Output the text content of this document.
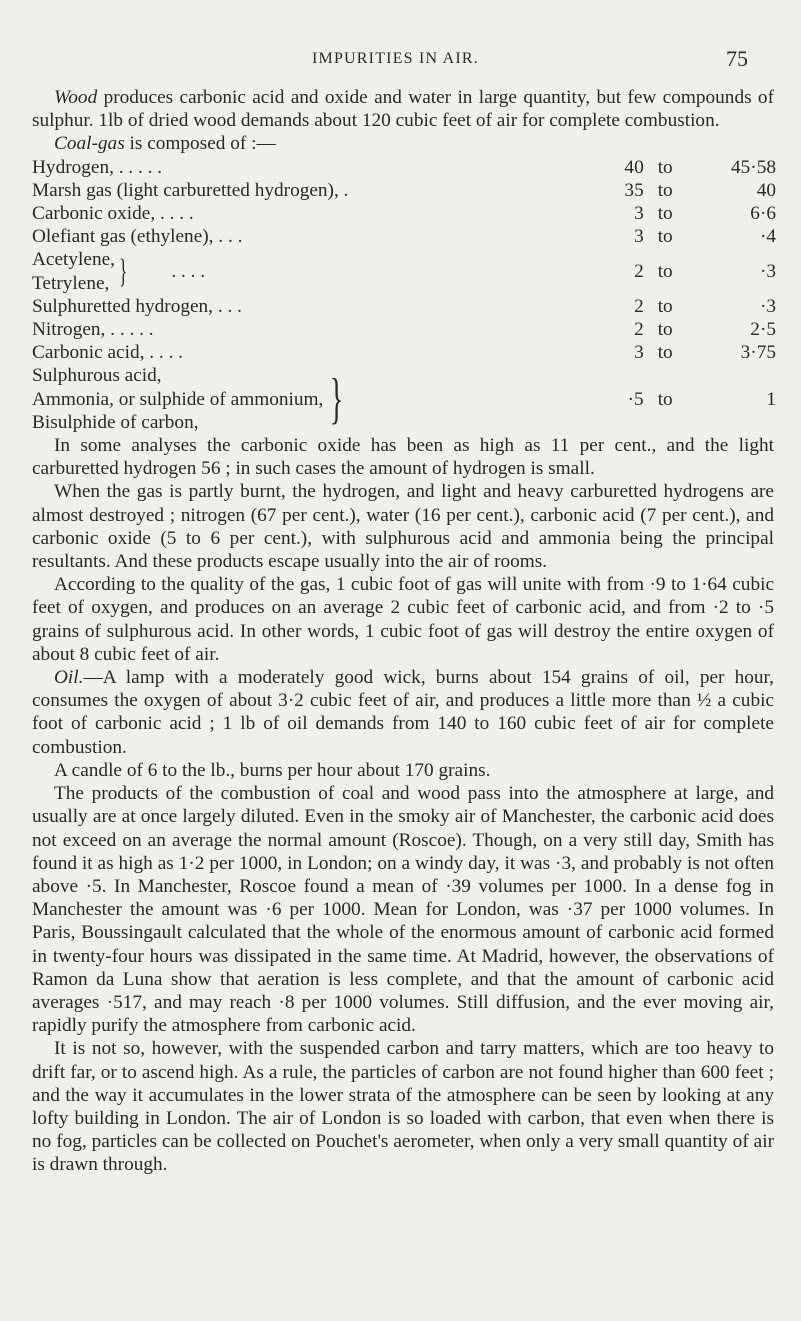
IMPURITIES IN AIR.	75

Wood produces carbonic acid and oxide and water in large quantity, but few compounds of sulphur. 1lb of dried wood demands about 120 cubic feet of air for complete combustion.

Coal-gas is composed of :—

Hydrogen, . . . . .	40	to	45·58
Marsh gas (light carburetted hydrogen), .	35	to	40
Carbonic oxide, . . . .	3	to	6·6
Olefiant gas (ethylene), . . .	3	to	·4

Acetylene,
Tetrylene, } . . . .	2	to	·3
Sulphuretted hydrogen, . . .	2	to	·3
Nitrogen, . . . . .	2	to	2·5
Carbonic acid, . . . .	3	to	3·75

Sulphurous acid,
Ammonia, or sulphide of ammonium,
Bisulphide of carbon, }	·5	to	1

In some analyses the carbonic oxide has been as high as 11 per cent., and the light carburetted hydrogen 56 ; in such cases the amount of hydrogen is small.

When the gas is partly burnt, the hydrogen, and light and heavy carburetted hydrogens are almost destroyed ; nitrogen (67 per cent.), water (16 per cent.), carbonic acid (7 per cent.), and carbonic oxide (5 to 6 per cent.), with sulphurous acid and ammonia being the principal resultants. And these products escape usually into the air of rooms.

According to the quality of the gas, 1 cubic foot of gas will unite with from ·9 to 1·64 cubic feet of oxygen, and produces on an average 2 cubic feet of carbonic acid, and from ·2 to ·5 grains of sulphurous acid. In other words, 1 cubic foot of gas will destroy the entire oxygen of about 8 cubic feet of air.

Oil.—A lamp with a moderately good wick, burns about 154 grains of oil, per hour, consumes the oxygen of about 3·2 cubic feet of air, and produces a little more than ½ a cubic foot of carbonic acid ; 1 lb of oil demands from 140 to 160 cubic feet of air for complete combustion.

A candle of 6 to the lb., burns per hour about 170 grains.

The products of the combustion of coal and wood pass into the atmosphere at large, and usually are at once largely diluted. Even in the smoky air of Manchester, the carbonic acid does not exceed on an average the normal amount (Roscoe). Though, on a very still day, Smith has found it as high as 1·2 per 1000, in London; on a windy day, it was ·3, and probably is not often above ·5. In Manchester, Roscoe found a mean of ·39 volumes per 1000. In a dense fog in Manchester the amount was ·6 per 1000. Mean for London, was ·37 per 1000 volumes. In Paris, Boussingault calculated that the whole of the enormous amount of carbonic acid formed in twenty-four hours was dissipated in the same time. At Madrid, however, the observations of Ramon da Luna show that aeration is less complete, and that the amount of carbonic acid averages ·517, and may reach ·8 per 1000 volumes. Still diffusion, and the ever moving air, rapidly purify the atmosphere from carbonic acid.

It is not so, however, with the suspended carbon and tarry matters, which are too heavy to drift far, or to ascend high. As a rule, the particles of carbon are not found higher than 600 feet ; and the way it accumulates in the lower strata of the atmosphere can be seen by looking at any lofty building in London. The air of London is so loaded with carbon, that even when there is no fog, particles can be collected on Pouchet's aerometer, when only a very small quantity of air is drawn through.
